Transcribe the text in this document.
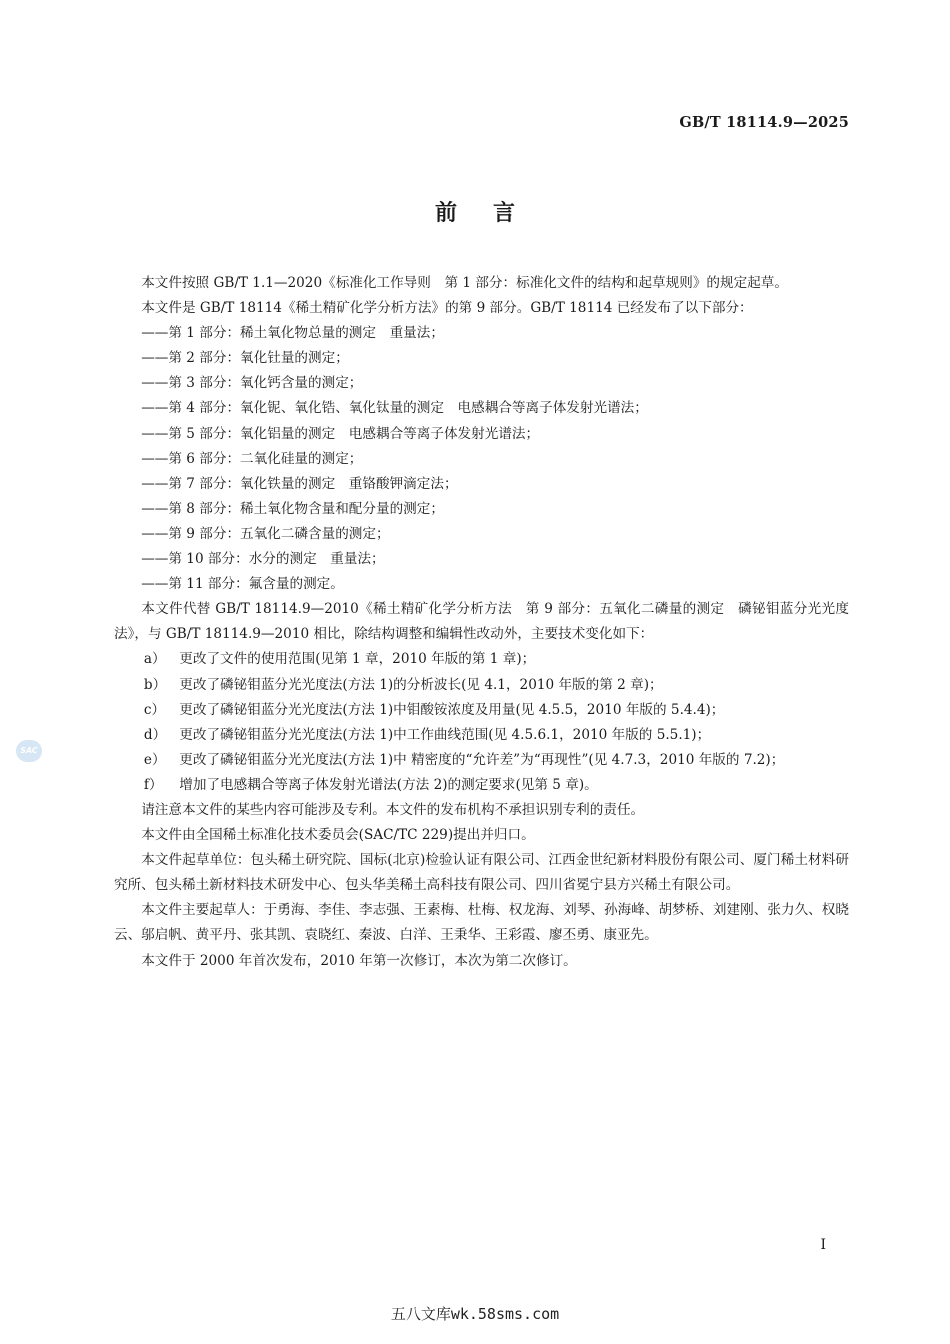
GB/T 18114.9—2025
前言

本文件按照 GB/T 1.1—2020《标准化工作导则　第 1 部分：标准化文件的结构和起草规则》的规定起草。

本文件是 GB/T 18114《稀土精矿化学分析方法》的第 9 部分。GB/T 18114 已经发布了以下部分：

——第 1 部分：稀土氧化物总量的测定　重量法；

——第 2 部分：氧化钍量的测定；

——第 3 部分：氧化钙含量的测定；

——第 4 部分：氧化铌、氧化锆、氧化钛量的测定　电感耦合等离子体发射光谱法；

——第 5 部分：氧化铝量的测定　电感耦合等离子体发射光谱法；

——第 6 部分：二氧化硅量的测定；

——第 7 部分：氧化铁量的测定　重铬酸钾滴定法；

——第 8 部分：稀土氧化物含量和配分量的测定；

——第 9 部分：五氧化二磷含量的测定；

——第 10 部分：水分的测定　重量法；

——第 11 部分：氟含量的测定。

本文件代替 GB/T 18114.9—2010《稀土精矿化学分析方法　第 9 部分：五氧化二磷量的测定　磷铋钼蓝分光光度法》，与 GB/T 18114.9—2010 相比，除结构调整和编辑性改动外，主要技术变化如下：

a） 更改了文件的使用范围(见第 1 章，2010 年版的第 1 章)；

b） 更改了磷铋钼蓝分光光度法(方法 1)的分析波长(见 4.1，2010 年版的第 2 章)；

c） 更改了磷铋钼蓝分光光度法(方法 1)中钼酸铵浓度及用量(见 4.5.5，2010 年版的 5.4.4)；

d） 更改了磷铋钼蓝分光光度法(方法 1)中工作曲线范围(见 4.5.6.1，2010 年版的 5.5.1)；

e） 更改了磷铋钼蓝分光光度法(方法 1)中 精密度的“允许差”为“再现性”(见 4.7.3，2010 年版的 7.2)；

f） 增加了电感耦合等离子体发射光谱法(方法 2)的测定要求(见第 5 章)。

请注意本文件的某些内容可能涉及专利。本文件的发布机构不承担识别专利的责任。

本文件由全国稀土标准化技术委员会(SAC/TC 229)提出并归口。

本文件起草单位：包头稀土研究院、国标(北京)检验认证有限公司、江西金世纪新材料股份有限公司、厦门稀土材料研究所、包头稀土新材料技术研发中心、包头华美稀土高科技有限公司、四川省冕宁县方兴稀土有限公司。

本文件主要起草人：于勇海、李佳、李志强、王素梅、杜梅、权龙海、刘琴、孙海峰、胡梦桥、刘建刚、张力久、权晓云、邬启帆、黄平丹、张其凯、袁晓红、秦波、白洋、王秉华、王彩霞、廖丕勇、康亚先。

本文件于 2000 年首次发布，2010 年第一次修订，本次为第二次修订。

SAC
I
五八文库wk.58sms.com
